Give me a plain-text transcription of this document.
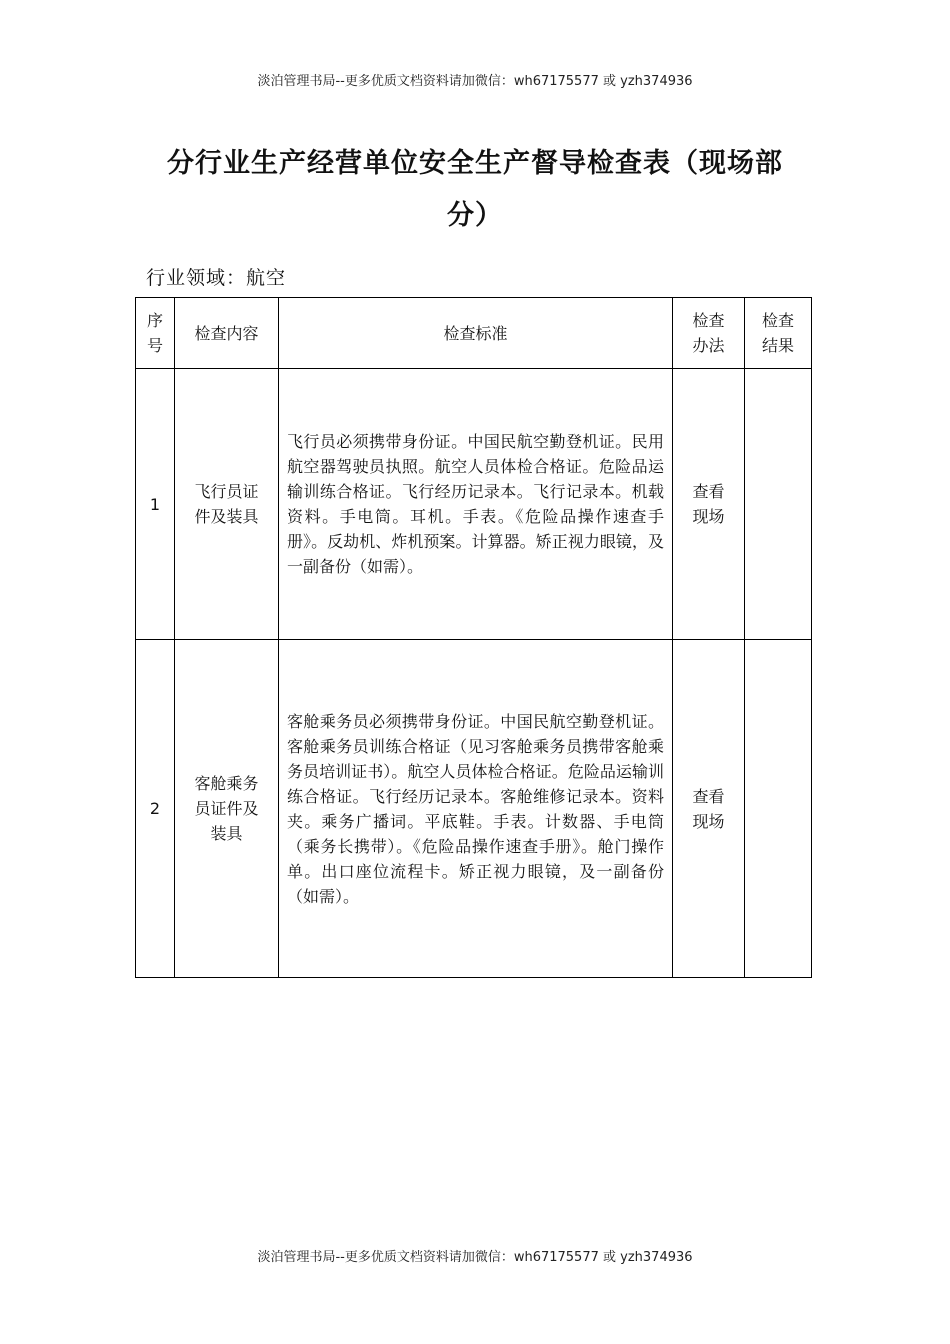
淡泊管理书局--更多优质文档资料请加微信：wh67175577 或 yzh374936
分行业生产经营单位安全生产督导检查表（现场部分）
行业领域：航空
序号	检查内容	检查标准	检查办法	检查结果
1	飞行员证件及装具	飞行员必须携带身份证。中国民航空勤登机证。民用航空器驾驶员执照。航空人员体检合格证。危险品运输训练合格证。飞行经历记录本。飞行记录本。机载资料。手电筒。耳机。手表。《危险品操作速查手册》。反劫机、炸机预案。计算器。矫正视力眼镜，及一副备份（如需）。	查看现场	
2	客舱乘务员证件及装具	客舱乘务员必须携带身份证。中国民航空勤登机证。客舱乘务员训练合格证（见习客舱乘务员携带客舱乘务员培训证书）。航空人员体检合格证。危险品运输训练合格证。飞行经历记录本。客舱维修记录本。资料夹。乘务广播词。平底鞋。手表。计数器、手电筒（乘务长携带）。《危险品操作速查手册》。舱门操作单。出口座位流程卡。矫正视力眼镜，及一副备份（如需）。	查看现场	
淡泊管理书局--更多优质文档资料请加微信：wh67175577 或 yzh374936
